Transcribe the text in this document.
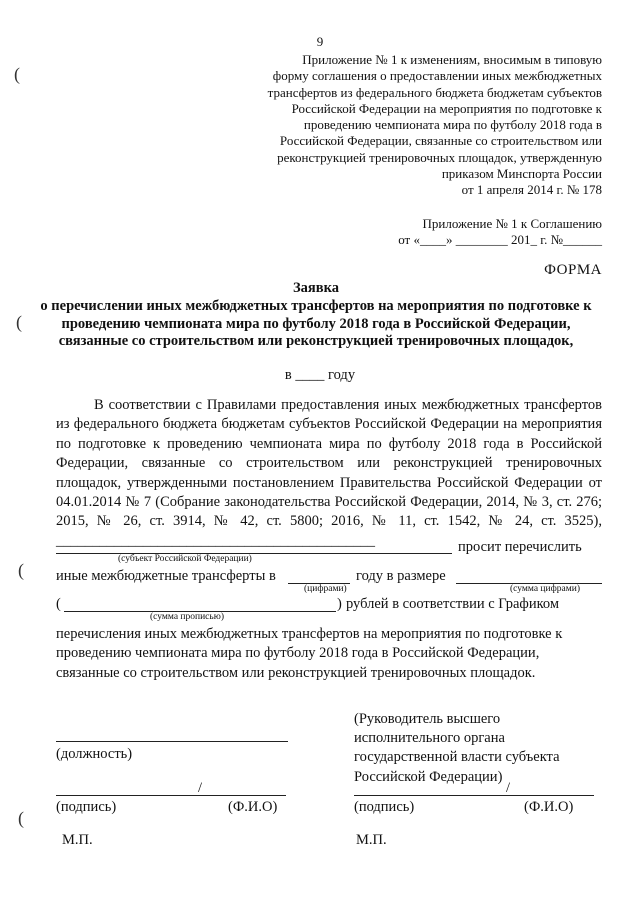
9
Приложение № 1 к изменениям, вносимым в типовую
форму соглашения о предоставлении иных межбюджетных
трансфертов из федерального бюджета бюджетам субъектов
Российской Федерации на мероприятия по подготовке к
проведению чемпионата мира по футболу 2018 года в
Российской Федерации, связанные со строительством или
реконструкцией тренировочных площадок, утвержденную
приказом Минспорта России
от 1 апреля 2014 г. № 178
Приложение № 1 к Соглашению
от «____» ________ 201_ г. №______
ФОРМА
Заявка
о перечислении иных межбюджетных трансфертов на мероприятия по подготовке к проведению чемпионата мира по футболу 2018 года в Российской Федерации, связанные со строительством или реконструкцией тренировочных площадок,
в ____ году

В соответствии с Правилами предоставления иных межбюджетных трансфертов из федерального бюджета бюджетам субъектов Российской Федерации на мероприятия по подготовке к проведению чемпионата мира по футболу 2018 года в Российской Федерации, связанные со строительством или реконструкцией тренировочных площадок, утвержденными постановлением Правительства Российской Федерации от 04.01.2014 № 7 (Собрание законодательства Российской Федерации, 2014, № 3, ст. 276; 2015, № 26, ст. 3914, № 42, ст. 5800; 2016, № 11, ст. 1542, № 24, ст. 3525), ____________________________________________	просит перечислить
(субъект Российской Федерации)
иные межбюджетные трансферты в	году в размере
(цифрами)	(сумма цифрами)
(	) рублей в соответствии с Графиком
(сумма прописью)
перечисления иных межбюджетных трансфертов на мероприятия по подготовке к проведению чемпионата мира по футболу 2018 года в Российской Федерации, связанные со строительством или реконструкцией тренировочных площадок.
(Руководитель высшего
исполнительного органа
государственной власти субъекта
Российской Федерации)
(должность)
/
(подпись)	(Ф.И.О)
/
(подпись)	(Ф.И.О)
М.П.	М.П.
(
(
(
(
